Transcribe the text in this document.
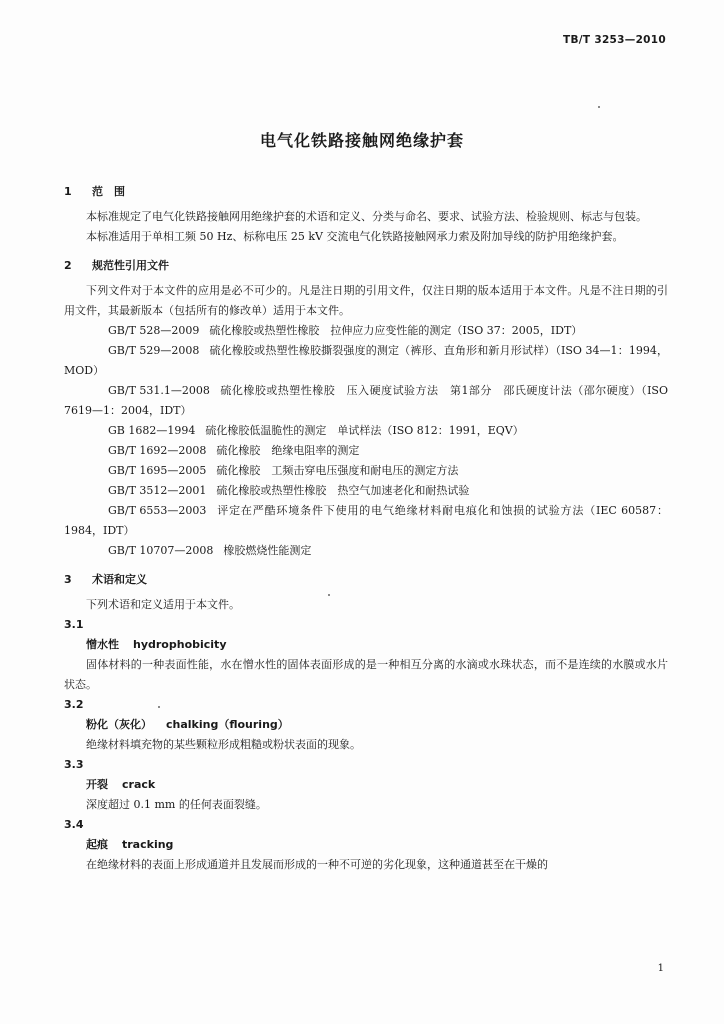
TB/T 3253—2010
电气化铁路接触网绝缘护套
1 范　围

本标准规定了电气化铁路接触网用绝缘护套的术语和定义、分类与命名、要求、试验方法、检验规则、标志与包装。

本标准适用于单相工频 50 Hz、标称电压 25 kV 交流电气化铁路接触网承力索及附加导线的防护用绝缘护套。

2 规范性引用文件

下列文件对于本文件的应用是必不可少的。凡是注日期的引用文件，仅注日期的版本适用于本文件。凡是不注日期的引用文件，其最新版本（包括所有的修改单）适用于本文件。

GB/T 528—2009 硫化橡胶或热塑性橡胶　拉伸应力应变性能的测定（ISO 37：2005，IDT）

GB/T 529—2008 硫化橡胶或热塑性橡胶撕裂强度的测定（裤形、直角形和新月形试样）（ISO 34—1：1994，MOD）

GB/T 531.1—2008 硫化橡胶或热塑性橡胶　压入硬度试验方法　第1部分　邵氏硬度计法（邵尔硬度）（ISO 7619—1：2004，IDT）

GB 1682—1994 硫化橡胶低温脆性的测定　单试样法（ISO 812：1991，EQV）

GB/T 1692—2008 硫化橡胶　绝缘电阻率的测定

GB/T 1695—2005 硫化橡胶　工频击穿电压强度和耐电压的测定方法

GB/T 3512—2001 硫化橡胶或热塑性橡胶　热空气加速老化和耐热试验

GB/T 6553—2003 评定在严酷环境条件下使用的电气绝缘材料耐电痕化和蚀损的试验方法（IEC 60587：1984，IDT）

GB/T 10707—2008 橡胶燃烧性能测定

3 术语和定义

下列术语和定义适用于本文件。

3.1

憎水性 hydrophobicity

固体材料的一种表面性能，水在憎水性的固体表面形成的是一种相互分离的水滴或水珠状态，而不是连续的水膜或水片状态。

3.2

粉化（灰化） chalking（flouring）

绝缘材料填充物的某些颗粒形成粗糙或粉状表面的现象。

3.3

开裂 crack

深度超过 0.1 mm 的任何表面裂缝。

3.4

起痕 tracking

在绝缘材料的表面上形成通道并且发展而形成的一种不可逆的劣化现象，这种通道甚至在干燥的

1
